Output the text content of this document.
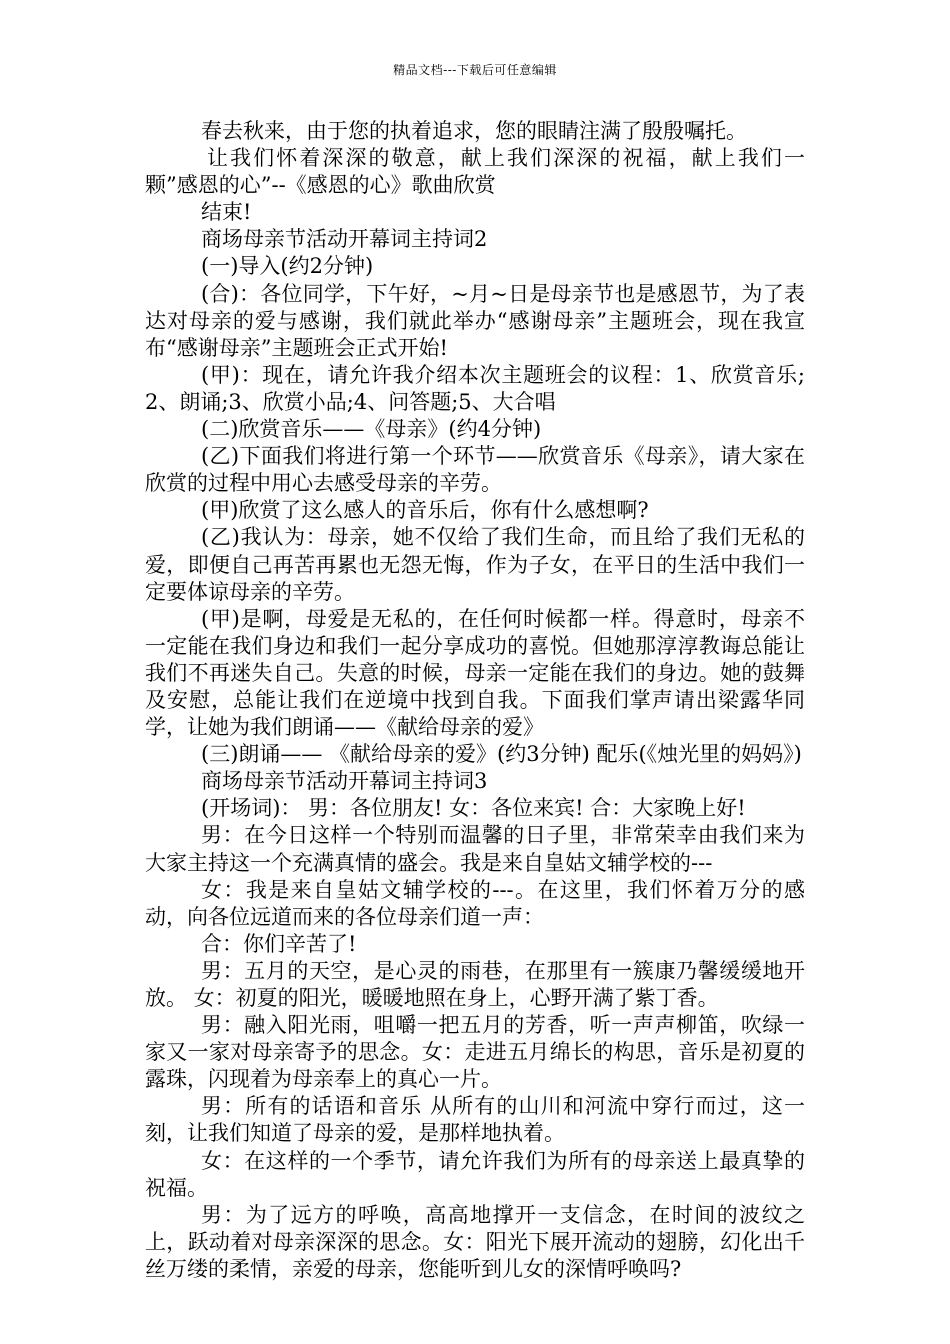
精品文档---下载后可任意编辑

春去秋来，由于您的执着追求，您的眼睛注满了殷殷嘱托。

让我们怀着深深的敬意，献上我们深深的祝福，献上我们一颗”感恩的心”--《感恩的心》歌曲欣赏

结束!

商场母亲节活动开幕词主持词2

(一)导入(约2分钟)

(合)：各位同学，下午好，~月~日是母亲节也是感恩节，为了表达对母亲的爱与感谢，我们就此举办“感谢母亲”主题班会，现在我宣布“感谢母亲”主题班会正式开始!

(甲)：现在，请允许我介绍本次主题班会的议程：1、欣赏音乐;2、朗诵;3、欣赏小品;4、问答题;5、大合唱

(二)欣赏音乐——《母亲》(约4分钟)

(乙)下面我们将进行第一个环节——欣赏音乐《母亲》，请大家在欣赏的过程中用心去感受母亲的辛劳。

(甲)欣赏了这么感人的音乐后，你有什么感想啊?

(乙)我认为：母亲，她不仅给了我们生命，而且给了我们无私的爱，即便自己再苦再累也无怨无悔，作为子女，在平日的生活中我们一定要体谅母亲的辛劳。

(甲)是啊，母爱是无私的，在任何时候都一样。得意时，母亲不一定能在我们身边和我们一起分享成功的喜悦。但她那淳淳教诲总能让我们不再迷失自己。失意的时候，母亲一定能在我们的身边。她的鼓舞及安慰，总能让我们在逆境中找到自我。下面我们掌声请出梁露华同学，让她为我们朗诵——《献给母亲的爱》

(三)朗诵—— 《献给母亲的爱》(约3分钟) 配乐(《烛光里的妈妈》)

商场母亲节活动开幕词主持词3

(开场词)： 男：各位朋友! 女：各位来宾! 合：大家晚上好!

男：在今日这样一个特别而温馨的日子里，非常荣幸由我们来为大家主持这一个充满真情的盛会。我是来自皇姑文辅学校的---

女：我是来自皇姑文辅学校的---。在这里，我们怀着万分的感动，向各位远道而来的各位母亲们道一声：

合：你们辛苦了!

男：五月的天空，是心灵的雨巷，在那里有一簇康乃馨缓缓地开放。 女：初夏的阳光，暖暖地照在身上，心野开满了紫丁香。

男：融入阳光雨，咀嚼一把五月的芳香，听一声声柳笛，吹绿一家又一家对母亲寄予的思念。女：走进五月绵长的构思，音乐是初夏的露珠，闪现着为母亲奉上的真心一片。

男：所有的话语和音乐 从所有的山川和河流中穿行而过，这一刻，让我们知道了母亲的爱，是那样地执着。

女：在这样的一个季节，请允许我们为所有的母亲送上最真挚的祝福。

男：为了远方的呼唤，高高地撑开一支信念，在时间的波纹之上，跃动着对母亲深深的思念。女：阳光下展开流动的翅膀，幻化出千丝万缕的柔情，亲爱的母亲，您能听到儿女的深情呼唤吗?
